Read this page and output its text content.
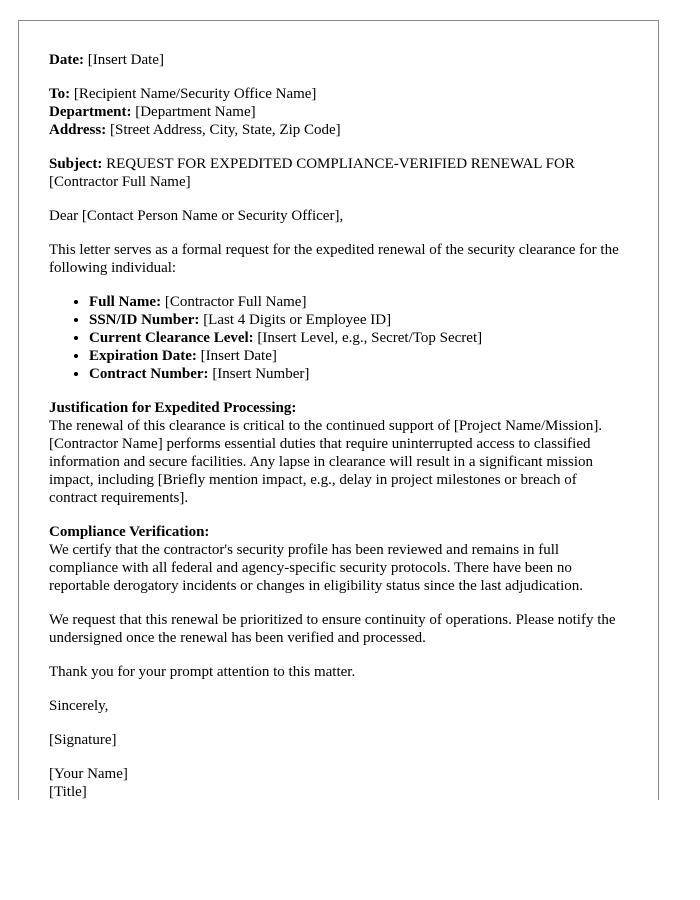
Date: [Insert Date]

To: [Recipient Name/Security Office Name]
Department: [Department Name]
Address: [Street Address, City, State, Zip Code]

Subject: REQUEST FOR EXPEDITED COMPLIANCE-VERIFIED RENEWAL FOR [Contractor Full Name]

Dear [Contact Person Name or Security Officer],

This letter serves as a formal request for the expedited renewal of the security clearance for the following individual:

• Full Name: [Contractor Full Name]
• SSN/ID Number: [Last 4 Digits or Employee ID]
• Current Clearance Level: [Insert Level, e.g., Secret/Top Secret]
• Expiration Date: [Insert Date]
• Contract Number: [Insert Number]

Justification for Expedited Processing:
The renewal of this clearance is critical to the continued support of [Project Name/Mission]. [Contractor Name] performs essential duties that require uninterrupted access to classified information and secure facilities. Any lapse in clearance will result in a significant mission impact, including [Briefly mention impact, e.g., delay in project milestones or breach of contract requirements].

Compliance Verification:
We certify that the contractor's security profile has been reviewed and remains in full compliance with all federal and agency-specific security protocols. There have been no reportable derogatory incidents or changes in eligibility status since the last adjudication.

We request that this renewal be prioritized to ensure continuity of operations. Please notify the undersigned once the renewal has been verified and processed.

Thank you for your prompt attention to this matter.

Sincerely,

[Signature]

[Your Name]
[Title]
